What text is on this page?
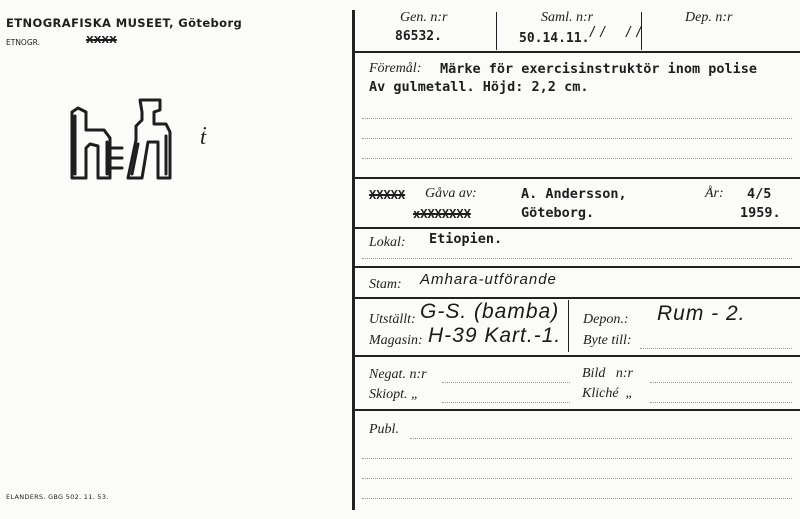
ETNOGRAFISKA MUSEET, Göteborg
ETNOGR.	XXXX
ṫ
ELANDERS. GBG 502. 11. 53.
Gen. n:r
86532.
Saml. n:r
50.14.11. / /    / /
Dep. n:r
Föremål: Märke för exercisinstruktör inom polise
Av gulmetall. Höjd: 2,2 cm.
XXXXX Gåva av:	A. Andersson,	År: 4/5
xXXXXXXX	Göteborg.	1959.
Lokal: Etiopien.
Stam: Amhara-utförande
Utställt: G-S. (bamba)
Magasin: H-39 Kart.-1.
Depon.: Rum - 2.
Byte till:
Negat. n:r	Bild   n:r
Skiopt. „	Kliché  „
Publ.
